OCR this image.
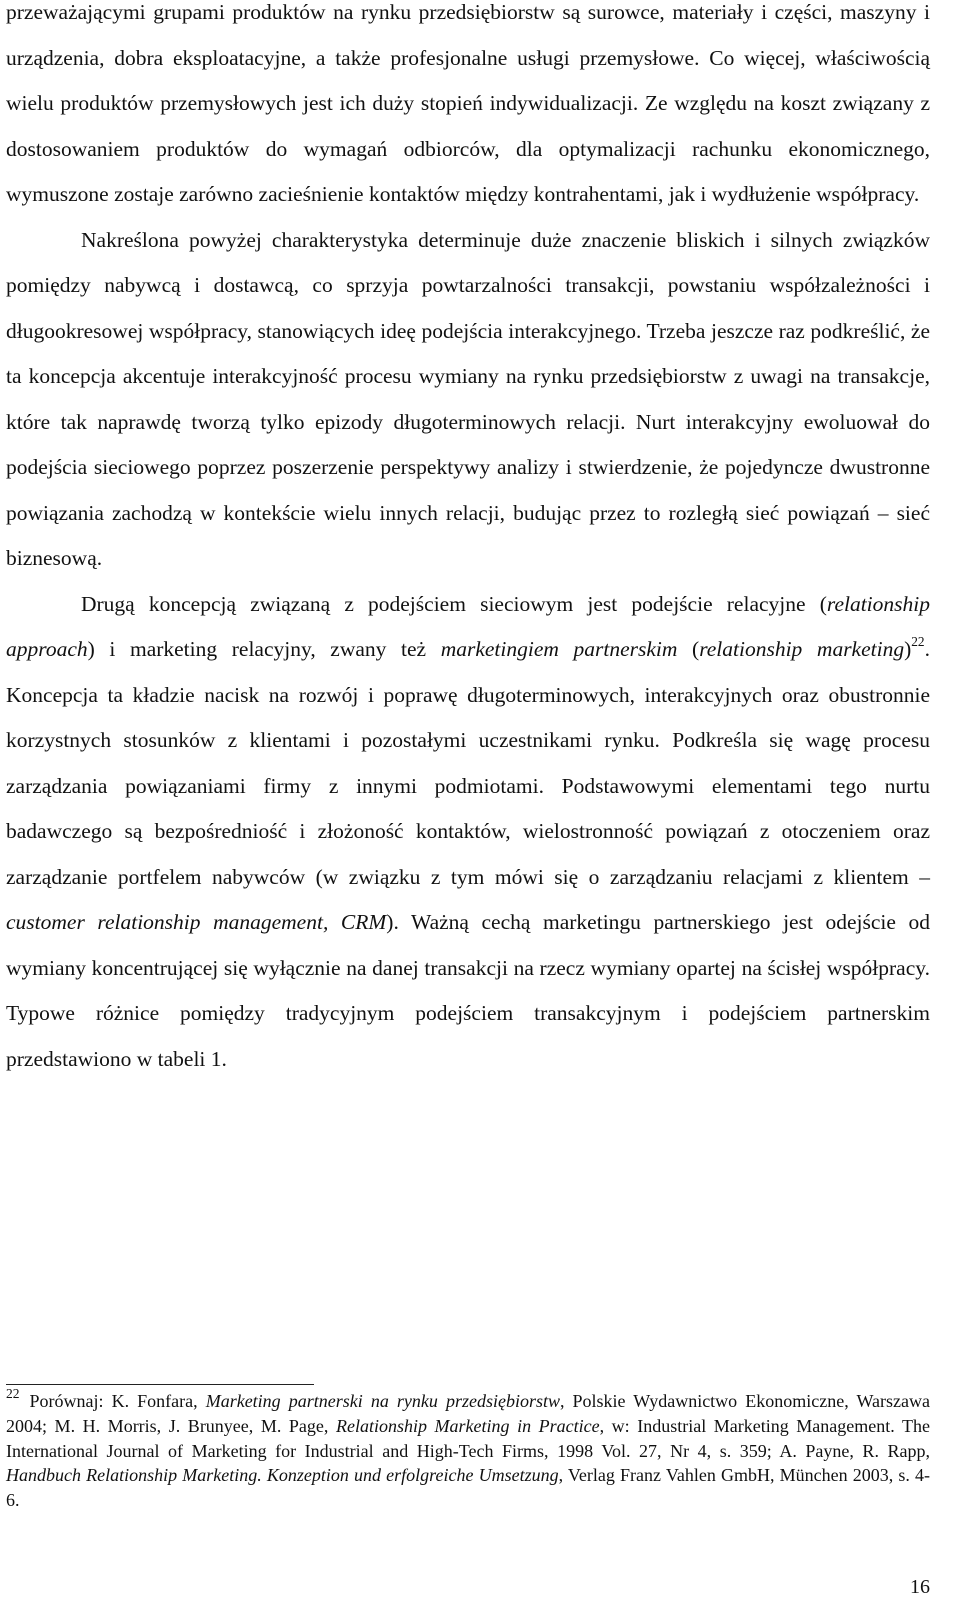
przeważającymi grupami produktów na rynku przedsiębiorstw są surowce, materiały i części, maszyny i urządzenia, dobra eksploatacyjne, a także profesjonalne usługi przemysłowe. Co więcej, właściwością wielu produktów przemysłowych jest ich duży stopień indywidualizacji. Ze względu na koszt związany z dostosowaniem produktów do wymagań odbiorców, dla optymalizacji rachunku ekonomicznego, wymuszone zostaje zarówno zacieśnienie kontaktów między kontrahentami, jak i wydłużenie współpracy.

Nakreślona powyżej charakterystyka determinuje duże znaczenie bliskich i silnych związków pomiędzy nabywcą i dostawcą, co sprzyja powtarzalności transakcji, powstaniu współzależności i długookresowej współpracy, stanowiących ideę podejścia interakcyjnego. Trzeba jeszcze raz podkreślić, że ta koncepcja akcentuje interakcyjność procesu wymiany na rynku przedsiębiorstw z uwagi na transakcje, które tak naprawdę tworzą tylko epizody długoterminowych relacji. Nurt interakcyjny ewoluował do podejścia sieciowego poprzez poszerzenie perspektywy analizy i stwierdzenie, że pojedyncze dwustronne powiązania zachodzą w kontekście wielu innych relacji, budując przez to rozległą sieć powiązań – sieć biznesową.

Drugą koncepcją związaną z podejściem sieciowym jest podejście relacyjne (relationship approach) i marketing relacyjny, zwany też marketingiem partnerskim (relationship marketing)$^{22}$. Koncepcja ta kładzie nacisk na rozwój i poprawę długoterminowych, interakcyjnych oraz obustronnie korzystnych stosunków z klientami i pozostałymi uczestnikami rynku. Podkreśla się wagę procesu zarządzania powiązaniami firmy z innymi podmiotami. Podstawowymi elementami tego nurtu badawczego są bezpośredniość i złożoność kontaktów, wielostronność powiązań z otoczeniem oraz zarządzanie portfelem nabywców (w związku z tym mówi się o zarządzaniu relacjami z klientem – customer relationship management, CRM). Ważną cechą marketingu partnerskiego jest odejście od wymiany koncentrującej się wyłącznie na danej transakcji na rzecz wymiany opartej na ścisłej współpracy. Typowe różnice pomiędzy tradycyjnym podejściem transakcyjnym i podejściem partnerskim przedstawiono w tabeli 1.

$^{22}$ Porównaj: K. Fonfara, Marketing partnerski na rynku przedsiębiorstw, Polskie Wydawnictwo Ekonomiczne, Warszawa 2004; M. H. Morris, J. Brunyee, M. Page, Relationship Marketing in Practice, w: Industrial Marketing Management. The International Journal of Marketing for Industrial and High-Tech Firms, 1998 Vol. 27, Nr 4, s. 359; A. Payne, R. Rapp, Handbuch Relationship Marketing. Konzeption und erfolgreiche Umsetzung, Verlag Franz Vahlen GmbH, München 2003, s. 4-6.

16
